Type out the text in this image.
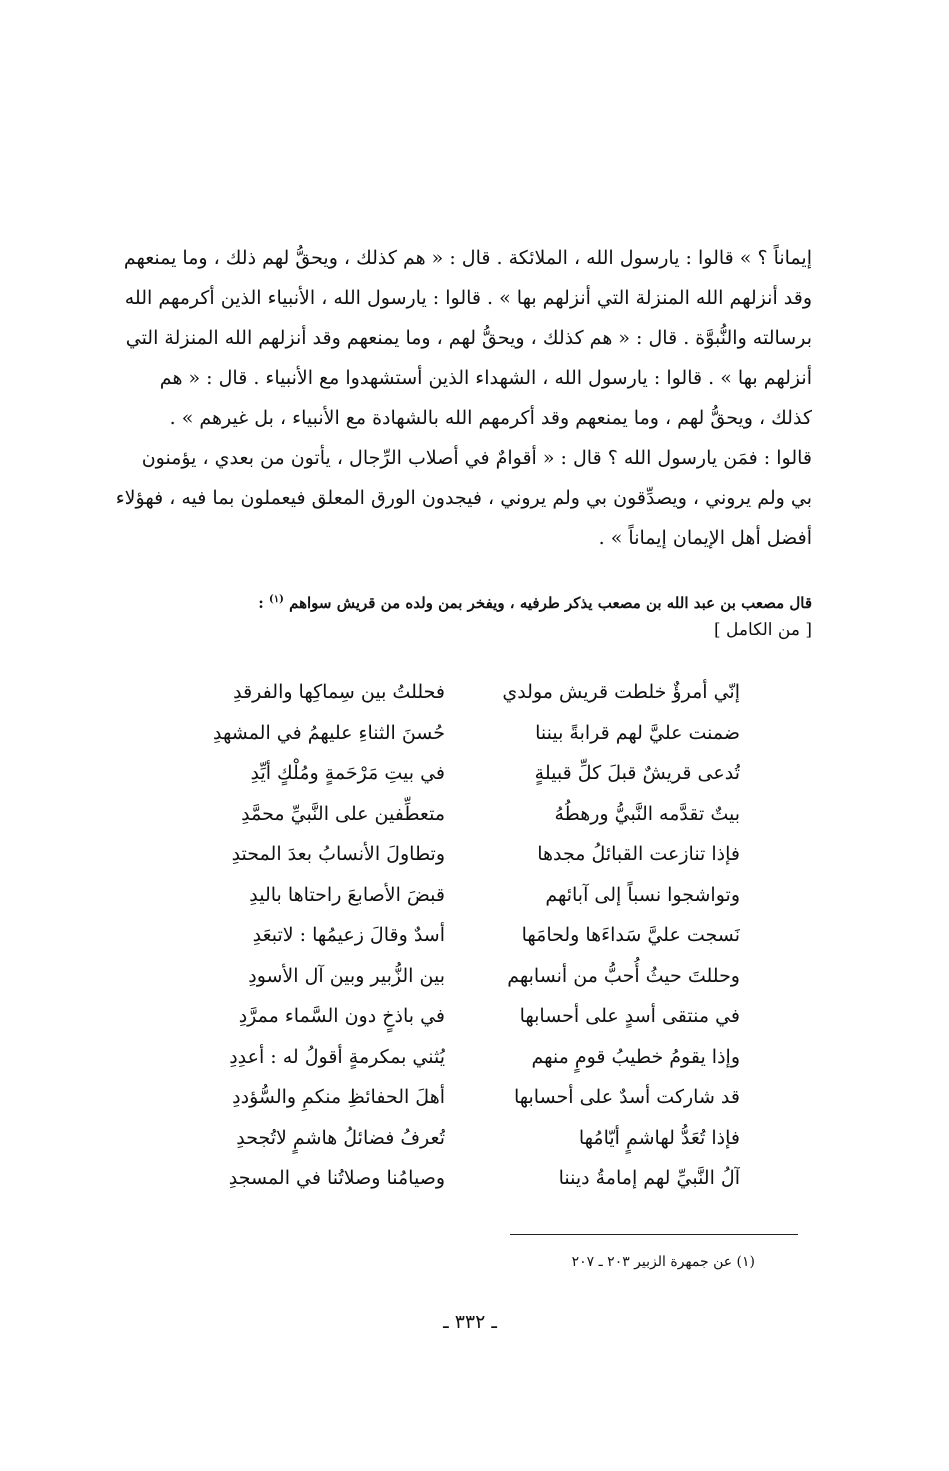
إيماناً ؟ » قالوا : يارسول الله ، الملائكة . قال : « هم كذلك ، ويحقُّ لهم ذلك ، وما يمنعهم
وقد أنزلهم الله المنزلة التي أنزلهم بها » . قالوا : يارسول الله ، الأنبياء الذين أكرمهم الله
برسالته والنُّبوَّة . قال : « هم كذلك ، ويحقُّ لهم ، وما يمنعهم وقد أنزلهم الله المنزلة التي
أنزلهم بها » . قالوا : يارسول الله ، الشهداء الذين أستشهدوا مع الأنبياء . قال : « هم
كذلك ، ويحقُّ لهم ، وما يمنعهم وقد أكرمهم الله بالشهادة مع الأنبياء ، بل غيرهم » .
قالوا : فمَن يارسول الله ؟ قال : « أقوامٌ في أصلاب الرِّجال ، يأتون من بعدي ، يؤمنون
بي ولم يروني ، ويصدِّقون بي ولم يروني ، فيجدون الورق المعلق فيعملون بما فيه ، فهؤلاء
أفضل أهل الإيمان إيماناً » .
قال مصعب بن عبد الله بن مصعب يذكر طرفيه ، ويفخر بمن ولده من قريش سواهم $^{(١)}$ :
[ من الكامل ]
إنّي أمرؤٌ خلطت قريش مولدي
فحللتُ بين سِماكِها والفرقدِ
ضمنت عليَّ لهم قرابةً بيننا
حُسنَ الثناءِ عليهمُ في المشهدِ
تُدعى قريشٌ قبلَ كلِّ قبيلةٍ
في بيتِ مَرْحَمةٍ ومُلْكٍ أيِّدِ
بيتٌ تقدَّمه النَّبيُّ ورهطُهُ
متعطِّفين على النَّبيِّ محمَّدِ
فإذا تنازعت القبائلُ مجدها
وتطاولَ الأنسابُ بعدَ المحتدِ
وتواشجوا نسباً إلى آبائهم
قبضَ الأصابعَ راحتاها باليدِ
نَسجت عليَّ سَداءَها ولحامَها
أسدٌ وقالَ زعيمُها : لاتبعَدِ
وحللتَ حيثُ أُحبُّ من أنسابهم
بين الزُّبير وبين آل الأسودِ
في منتقى أسدٍ على أحسابها
في باذخٍ دون السَّماء ممرَّدِ
وإذا يقومُ خطيبُ قومٍ منهم
يُثني بمكرمةٍ أقولُ له : أعدِدِ
قد شاركت أسدٌ على أحسابها
أهلَ الحفائظِ منكمِ والسُّؤددِ
فإذا تُعَدُّ لهاشمٍ أيّامُها
تُعرفُ فضائلُ هاشمٍ لاتُجحدِ
آلُ النَّبيِّ لهم إمامةُ ديننا
وصيامُنا وصلاتُنا في المسجدِ
(١) عن جمهرة الزبير ٢٠٣ ـ ٢٠٧
ـ ٣٣٢ ـ
